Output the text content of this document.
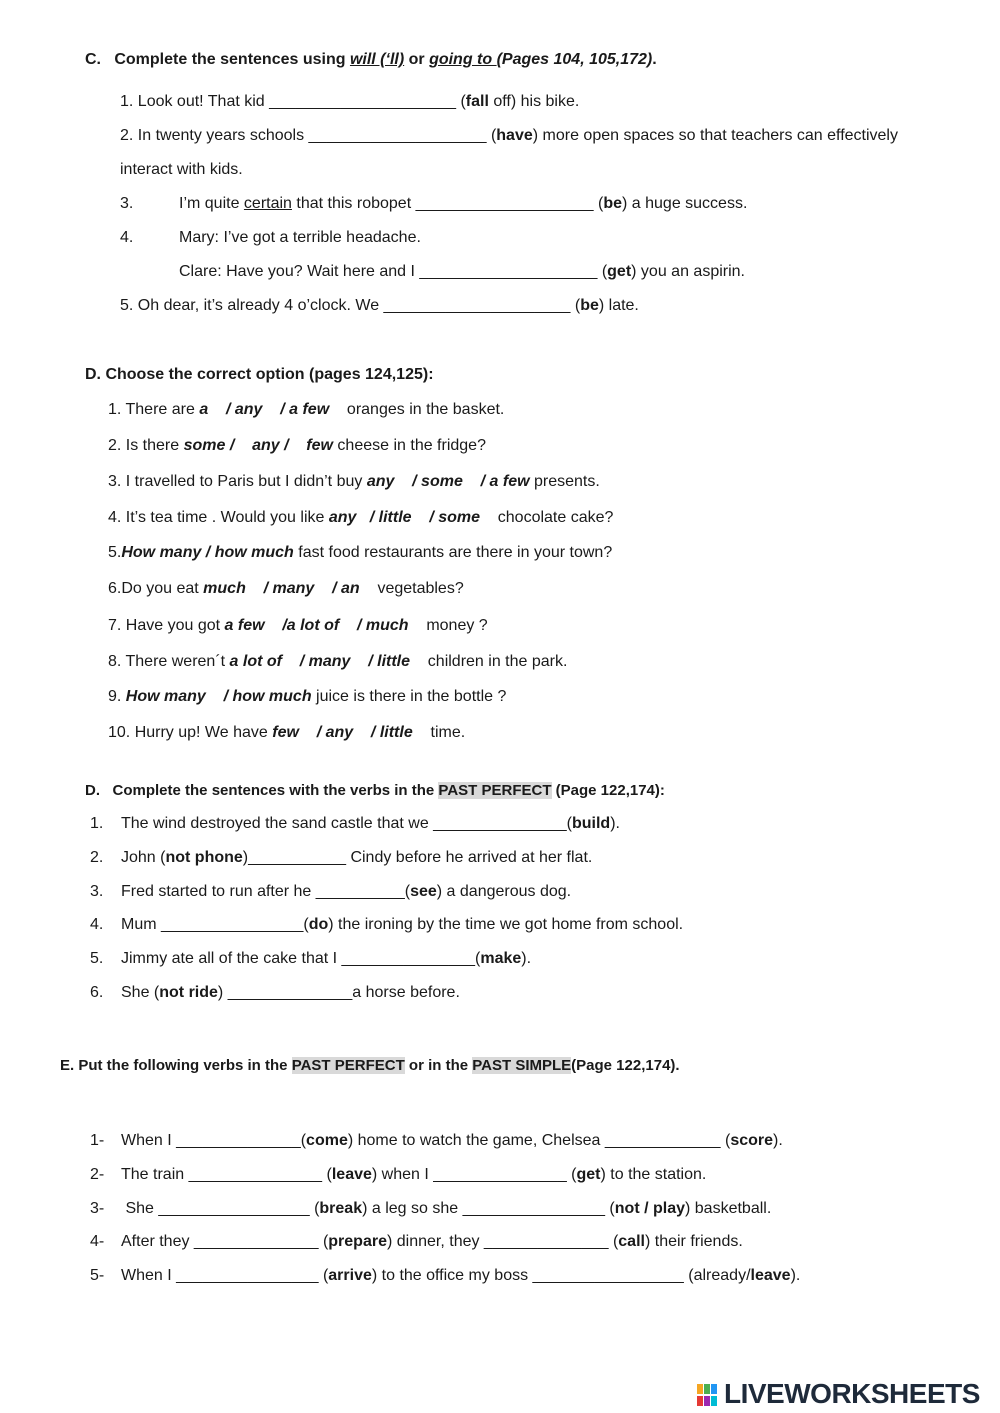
C. Complete the sentences using will (‘ll) or going to (Pages 104, 105,172).
1. Look out! That kid _____________________ (fall off) his bike.
2. In twenty years schools ____________________ (have) more open spaces so that teachers can effectively
interact with kids.
3.	I’m quite certain that this robopet ____________________ (be) a huge success.
4.	Mary: I’ve got a terrible headache.
Clare: Have you? Wait here and I ____________________ (get) you an aspirin.
5. Oh dear, it’s already 4 o’clock. We _____________________ (be) late.
D. Choose the correct option (pages 124,125):
1. There are a    / any    / a few    oranges in the basket.
2. Is there some /    any /    few cheese in the fridge?
3. I travelled to Paris but I didn’t buy any    / some    / a few presents.
4. It’s tea time . Would you like any   / little    / some    chocolate cake?
5.How many / how much fast food restaurants are there in your town?
6.Do you eat much    / many    / an    vegetables?
7. Have you got a few    /a lot of    / much    money ?
8. There weren´t a lot of    / many    / little    children in the park.
9. How many    / how much juice is there in the bottle ?
10. Hurry up! We have few    / any    / little    time.
D. Complete the sentences with the verbs in the PAST PERFECT (Page 122,174):
1. The wind destroyed the sand castle that we _______________(build).
2. John (not phone)___________ Cindy before he arrived at her flat.
3. Fred started to run after he __________(see) a dangerous dog.
4. Mum ________________(do) the ironing by the time we got home from school.
5. Jimmy ate all of the cake that I _______________(make).
6. She (not ride) ______________a horse before.
E. Put the following verbs in the PAST PERFECT or in the PAST SIMPLE(Page 122,174).
1- When I ______________(come) home to watch the game, Chelsea _____________ (score).
2- The train _______________ (leave) when I _______________ (get) to the station.
3- She _________________ (break) a leg so she ________________ (not / play) basketball.
4- After they ______________ (prepare) dinner, they ______________ (call) their friends.
5- When I ________________ (arrive) to the office my boss _________________ (already/leave).
LIVEWORKSHEETS
